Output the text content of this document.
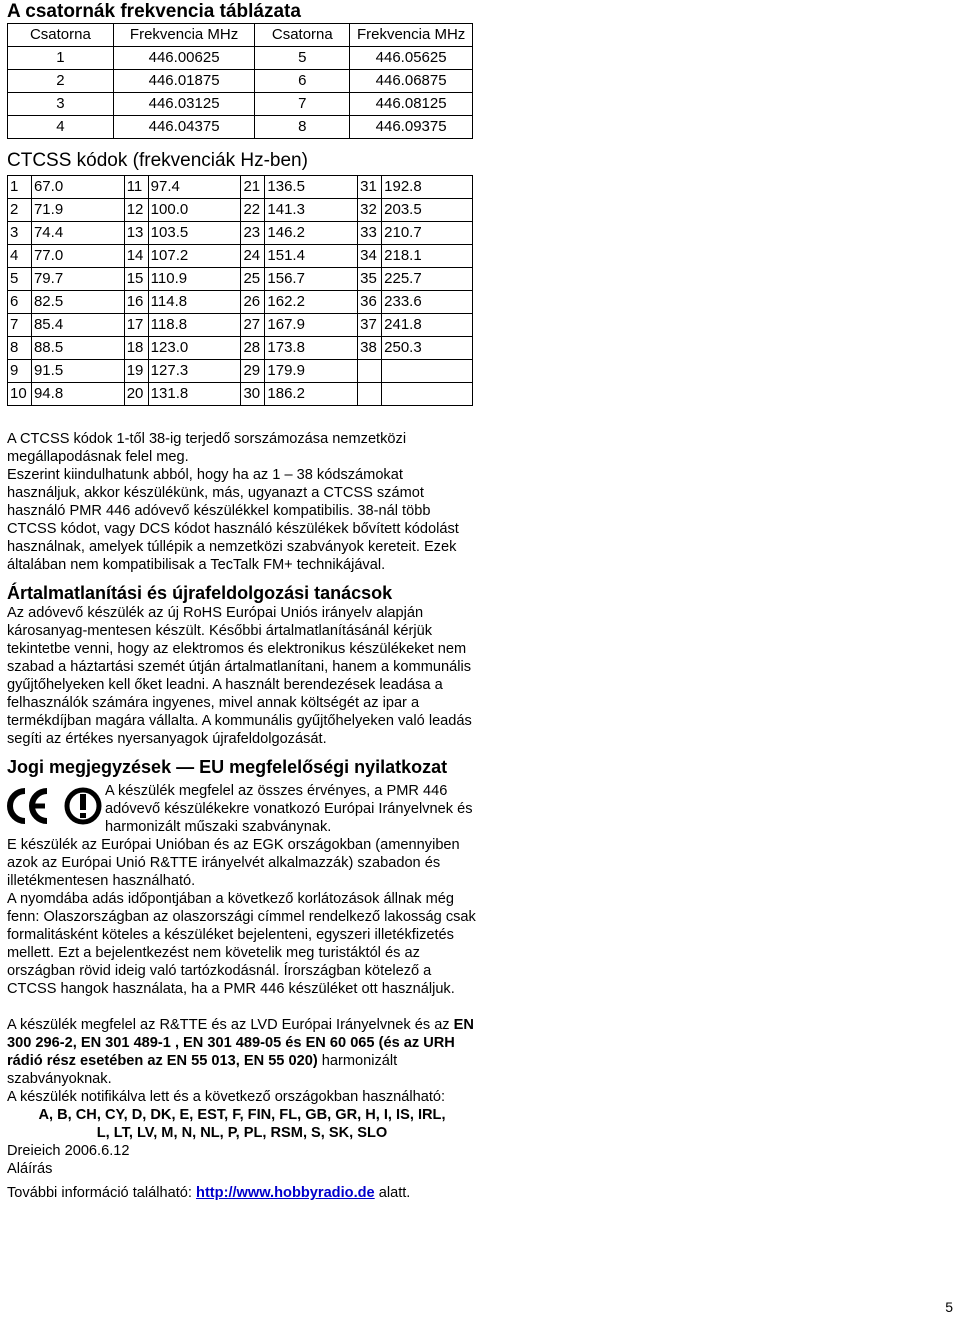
A csatornák frekvencia táblázata
Csatorna	Frekvencia MHz	Csatorna	Frekvencia MHz
1	446.00625	5	446.05625
2	446.01875	6	446.06875
3	446.03125	7	446.08125
4	446.04375	8	446.09375
CTCSS kódok (frekvenciák Hz-ben)
1	67.0	11	97.4	21	136.5	31	192.8
2	71.9	12	100.0	22	141.3	32	203.5
3	74.4	13	103.5	23	146.2	33	210.7
4	77.0	14	107.2	24	151.4	34	218.1
5	79.7	15	110.9	25	156.7	35	225.7
6	82.5	16	114.8	26	162.2	36	233.6
7	85.4	17	118.8	27	167.9	37	241.8
8	88.5	18	123.0	28	173.8	38	250.3
9	91.5	19	127.3	29	179.9		
10	94.8	20	131.8	30	186.2		

A CTCSS kódok 1-től 38-ig terjedő sorszámozása nemzetközi megállapodásnak felel meg.

Eszerint kiindulhatunk abból, hogy ha az 1 – 38 kódszámokat használjuk, akkor készülékünk, más, ugyanazt a CTCSS számot használó PMR 446 adóvevő készülékkel kompatibilis. 38-nál több CTCSS kódot, vagy DCS kódot használó készülékek bővített kódolást használnak, amelyek túllépik a nemzetközi szabványok kereteit. Ezek általában nem kompatibilisak a TecTalk FM+ technikájával.

Ártalmatlanítási és újrafeldolgozási tanácsok

Az adóvevő készülék az új RoHS Európai Uniós irányelv alapján károsanyag-mentesen készült. Későbbi ártalmatlanításánál kérjük tekintetbe venni, hogy az elektromos és elektronikus készülékeket nem szabad a háztartási szemét útján ártalmatlanítani, hanem a kommunális gyűjtőhelyeken kell őket leadni. A használt berendezések leadása a felhasználók számára ingyenes, mivel annak költségét az ipar a termékdíjban magára vállalta. A kommunális gyűjtőhelyeken való leadás segíti az értékes nyersanyagok újrafeldolgozását.

Jogi megjegyzések — EU megfelelőségi nyilatkozat

A készülék megfelel az összes érvényes, a PMR 446 adóvevő készülékekre vonatkozó Európai Irányelvnek és harmonizált műszaki szabványnak.

E készülék az Európai Unióban és az EGK országokban (amennyiben azok az Európai Unió R&TTE irányelvét alkalmazzák) szabadon és illetékmentesen használható.

A nyomdába adás időpontjában a következő korlátozások állnak még fenn: Olaszországban az olaszországi címmel rendelkező lakosság csak formalitásként köteles a készüléket bejelenteni, egyszeri illetékfizetés mellett. Ezt a bejelentkezést nem követelik meg turistáktól és az országban rövid ideig való tartózkodásnál. Írországban kötelező a CTCSS hangok használata, ha a PMR 446 készüléket ott használjuk.

A készülék megfelel az R&TTE és az LVD Európai Irányelvnek és az EN 300 296-2, EN 301 489-1 , EN 301 489-05 és EN 60 065 (és az URH rádió rész esetében az EN 55 013, EN 55 020) harmonizált szabványoknak.

A készülék notifikálva lett és a következő országokban használható:

A, B, CH, CY, D, DK, E, EST, F, FIN, FL, GB, GR, H, I, IS, IRL,

L, LT, LV, M, N, NL, P, PL, RSM, S, SK, SLO

Dreieich 2006.6.12

Aláírás

További információ található: http://www.hobbyradio.de alatt.

5
